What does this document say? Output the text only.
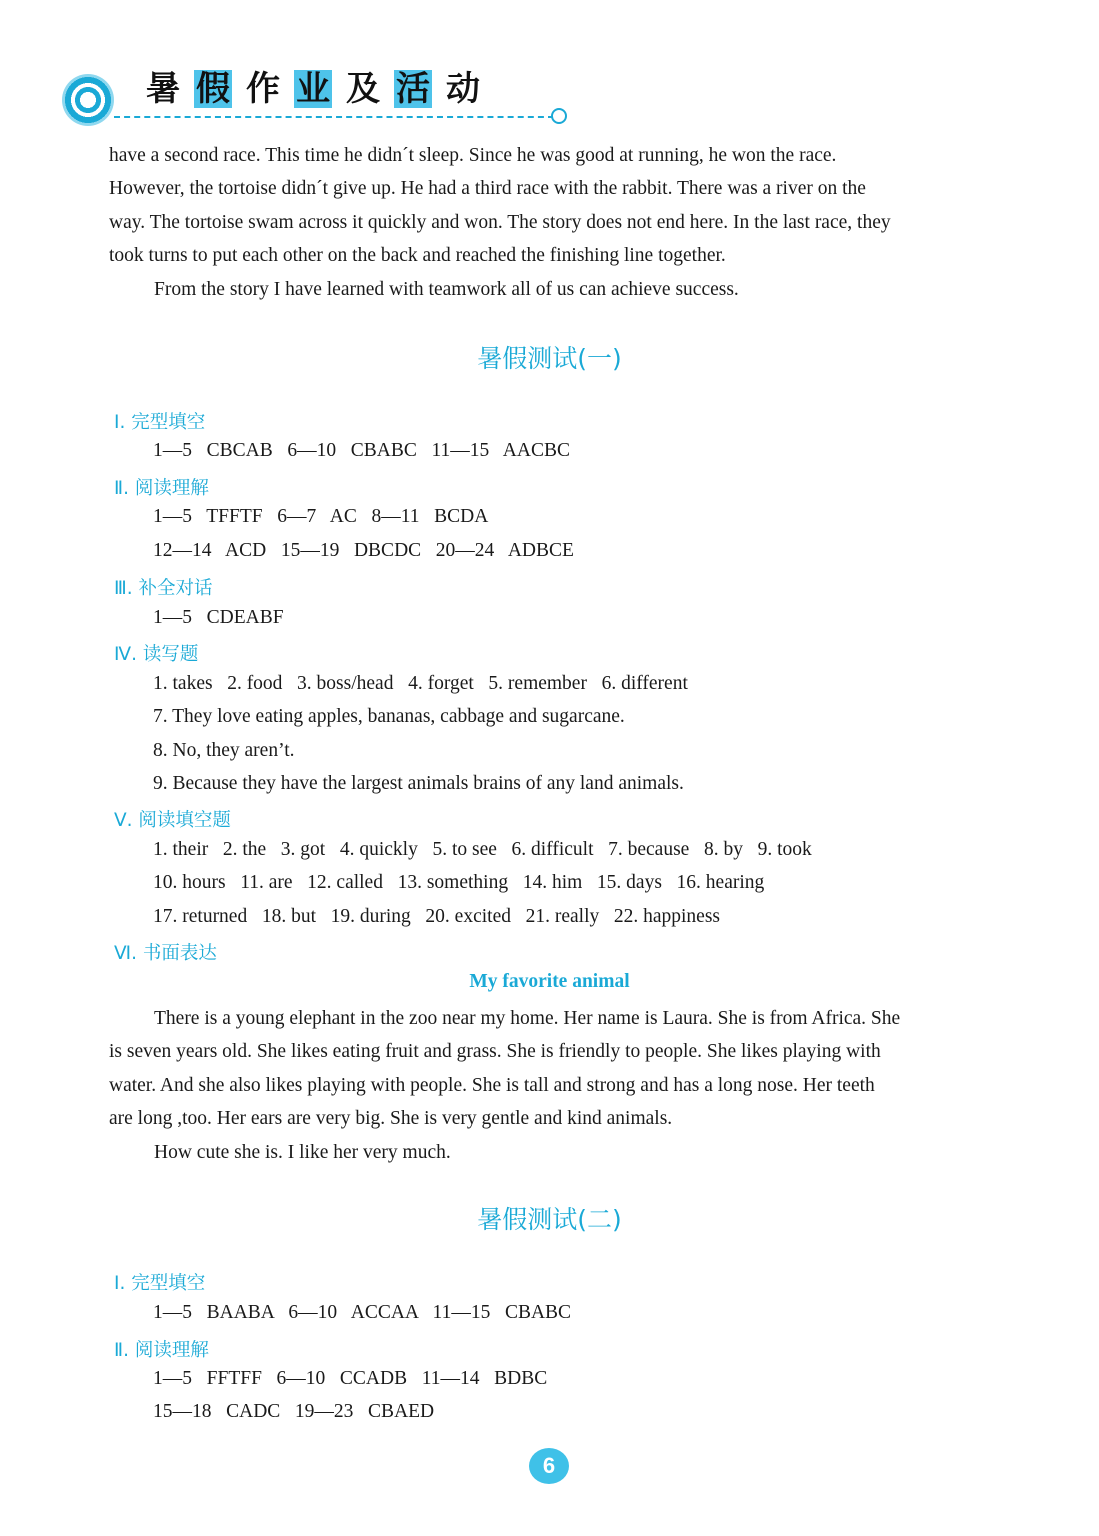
暑 假 作 业 及 活 动

have a second race. This time he didn´t sleep. Since he was good at running, he won the race.

However, the tortoise didn´t give up. He had a third race with the rabbit. There was a river on the

way. The tortoise swam across it quickly and won. The story does not end here. In the last race, they

took turns to put each other on the back and reached the finishing line together.

From the story I have learned with teamwork all of us can achieve success.

暑假测试(一)
Ⅰ. 完型填空
1—5   CBCAB   6—10   CBABC   11—15   AACBC
Ⅱ. 阅读理解
1—5   TFFTF   6—7   AC   8—11   BCDA
12—14   ACD   15—19   DBCDC   20—24   ADBCE
Ⅲ. 补全对话
1—5   CDEABF
Ⅳ. 读写题
1. takes   2. food   3. boss/head   4. forget   5. remember   6. different
7. They love eating apples, bananas, cabbage and sugarcane.
8. No, they aren’t.
9. Because they have the largest animals brains of any land animals.
Ⅴ. 阅读填空题
1. their   2. the   3. got   4. quickly   5. to see   6. difficult   7. because   8. by   9. took
10. hours   11. are   12. called   13. something   14. him   15. days   16. hearing
17. returned   18. but   19. during   20. excited   21. really   22. happiness
Ⅵ. 书面表达
My favorite animal

There is a young elephant in the zoo near my home. Her name is Laura. She is from Africa. She

is seven years old. She likes eating fruit and grass. She is friendly to people. She likes playing with

water. And she also likes playing with people. She is tall and strong and has a long nose. Her teeth

are long ,too. Her ears are very big. She is very gentle and kind animals.

How cute she is. I like her very much.

暑假测试(二)
Ⅰ. 完型填空
1—5   BAABA   6—10   ACCAA   11—15   CBABC
Ⅱ. 阅读理解
1—5   FFTFF   6—10   CCADB   11—14   BDBC
15—18   CADC   19—23   CBAED
6
